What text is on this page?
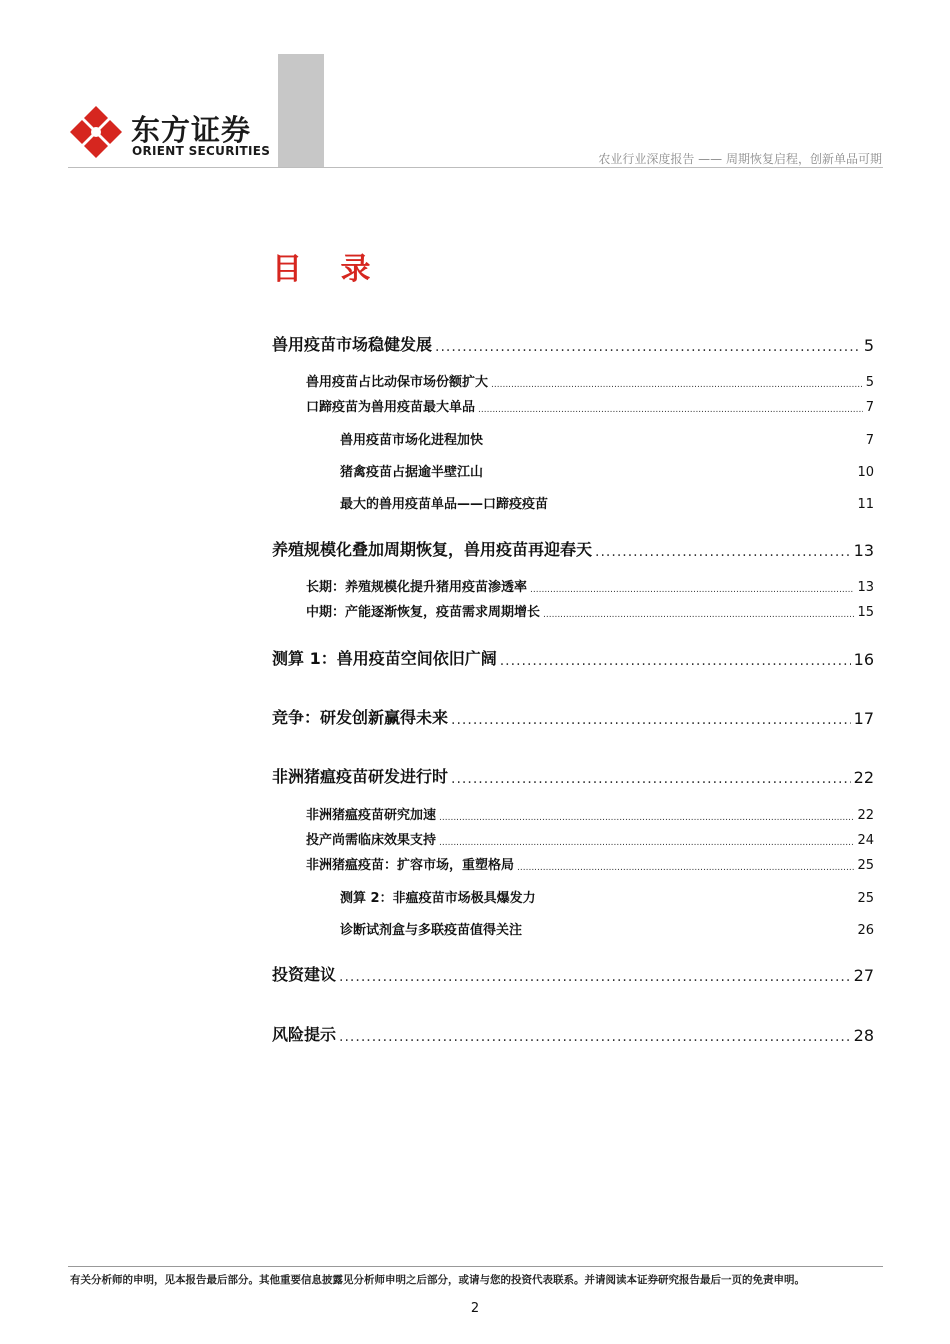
东方证券
ORIENT SECURITIES
农业行业深度报告 —— 周期恢复启程，创新单品可期
目 录
兽用疫苗市场稳健发展 .....	5
兽用疫苗占比动保市场份额扩大 .....	5
口蹄疫苗为兽用疫苗最大单品 .....	7
兽用疫苗市场化进程加快	7
猪禽疫苗占据逾半壁江山	10
最大的兽用疫苗单品——口蹄疫疫苗	11
养殖规模化叠加周期恢复，兽用疫苗再迎春天 .....	13
长期：养殖规模化提升猪用疫苗渗透率 .....	13
中期：产能逐渐恢复，疫苗需求周期增长 .....	15
测算 1：兽用疫苗空间依旧广阔 .....	16
竞争：研发创新赢得未来 .....	17
非洲猪瘟疫苗研发进行时 .....	22
非洲猪瘟疫苗研究加速 .....	22
投产尚需临床效果支持 .....	24
非洲猪瘟疫苗：扩容市场，重塑格局 .....	25
测算 2：非瘟疫苗市场极具爆发力	25
诊断试剂盒与多联疫苗值得关注	26
投资建议 .....	27
风险提示 .....	28
有关分析师的申明，见本报告最后部分。其他重要信息披露见分析师申明之后部分，或请与您的投资代表联系。并请阅读本证券研究报告最后一页的免责申明。
2
